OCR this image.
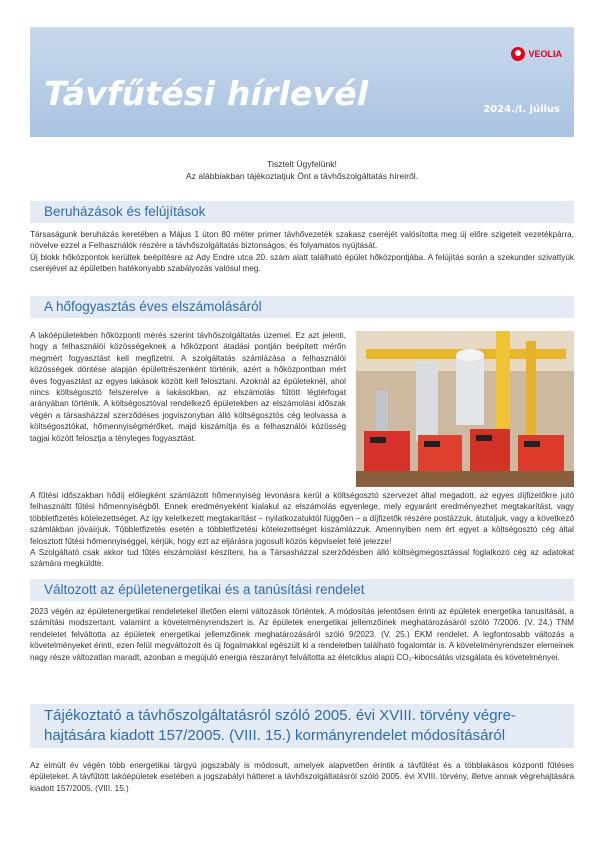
Távfűtési hírlevél	2024./I. július
VEOLIA
Tisztelt Ügyfelünk!
Az alábbiakban tájékoztatjuk Önt a távhőszolgáltatás híreiről.
Beruházások és felújítások

Társaságunk beruházás keretében a Május 1 úton 80 méter primer távhővezeték szakasz cseréjét valósította meg új előre szigetelt vezetékpárra, növelve ezzel a Felhasználók részére a távhőszolgáltatás biztonságos, és folyamatos nyújtását.

Új blokk hőközpontok kerültek beépítésre az Ady Endre utca 20. szám alatt található épület hőközpontjába. A felújítás során a szekunder szivattyúk cseréjével az épületben hatékonyabb szabályozás valósul meg.

A hőfogyasztás éves elszámolásáról
A lakóépületekben hőközponti mérés szerint távhőszolgáltatás üzemel. Ez azt jelenti, hogy a felhasználói közösségeknek a hőközpont átadási pontján beépített mérőn megmért fogyasztást kell megfizetni. A szolgáltatás számlázása a felhasználói közösségek döntése alapján épülettrészenként történik, azért a hőközpontban mért éves fogyasztást az egyes lakások között kell felosztani. Azoknál az épületeknél, ahol nincs költségosztó felszerelve a lakásokban, az elszámolás fűtött légtérfogat arányában történik. A költségosztóval rendelkező épületekben az elszámolási időszak végén a társasházzal szerződéses jogviszonyban álló költségosztós cég leolvassa a költségosztókat, hőmennyiségmérőket, majd kiszámítja és a felhasználói közösség tagjai között felosztja a tényleges fogyasztást.

A fűtési időszakban hődíj előlegként számlázott hőmennyiség levonásra kerül a költségosztó szervezet által megadott, az egyes díjfizetőkre jutó felhasználtt fűtési hőmennyiségből. Ennek eredményeként kialakul az elszámolás egyenlege, mely egyaránt eredményezhet megtakarítást, vagy többletfizetés kötelezettséget. Az így keletkezett megtakarítást – nyilatkozatuktól függően – a díjfizetők részére postázzuk, átutaljuk, vagy a következő számlákban jóváírjuk. Többletfizetés esetén a többletfizetési kötelezettséget kiszámlázzuk. Amennyiben nem ért egyet a költségosztó cég által felosztott fűtési hőmennyiséggel, kérjük, hogy ezt az eljárásra jogosult közös képviselet felé jelezze!

A Szolgáltató csak akkor tud fűtés elszámolást készíteni, ha a Társasházzal szerződésben álló költségmegosztással foglalkozó cég az adatokat számára megküldte.

Változott az épületenergetikai és a tanúsítási rendelet

2023 végén az épületenergetikai rendeletekel illetően elemi változások történtek. A módosítás jelentősen érinti az épületek energetika tanusítását, a számítási modszertant, valamint a követelményrendszert is. Az épületek energetikai jellemzőinek meghatározásáról szóló 7/2006. (V. 24.) TNM rendeletet felváltotta az épületek energetikai jellemzőinek meghatározásáról szóló 9/2023. (V. 25.) ÉKM rendelet. A legfontosabb változás a követelményeket érinti, ezen felül megváltozott és új fogalmakkal egészült ki a rendeletben található fogalomtár is. A követelményrendszer elemeinek nagy része változatlan maradt, azonban a megújuló energia részarányt felváltotta az életciklus alapú CO₂-kibocsátás vizsgálata és követelményei.

Tájékoztató a távhőszolgáltatásról szóló 2005. évi XVIII. törvény végre- hajtására kiadott 157/2005. (VIII. 15.) kormányrendelet módosításáról

Az elmúlt év végén több energetikai tárgyú jogszabály is módosult, amelyek alapvetően érintik a távfűtést és a többlakásos központi fűtéses épületeket. A távfűtött lakóépületek esetében a jogszabályi hátteret a távhőszolgáltatásról szóló 2005. évi XVIII. törvény, illetve annak végrehajtására kiadott 157/2005. (VIII. 15.)
